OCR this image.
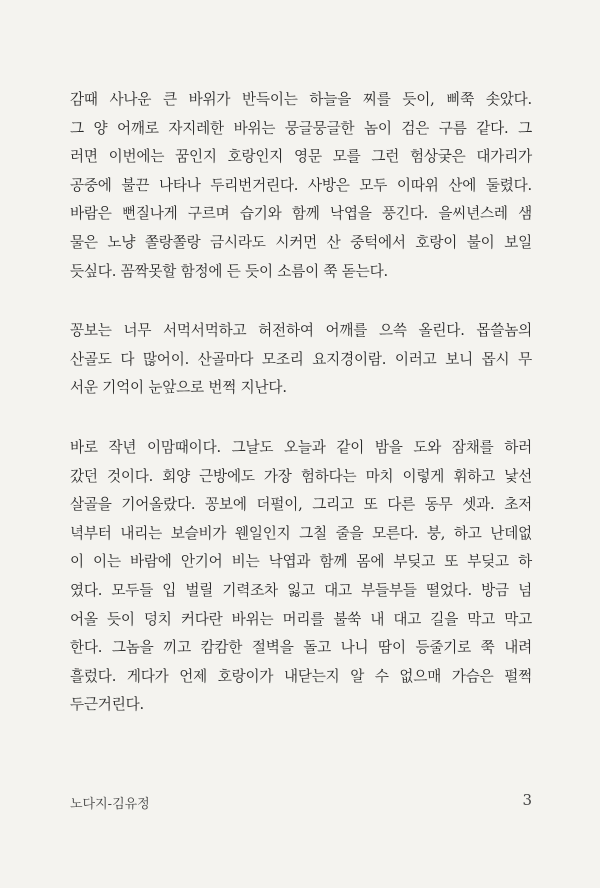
감때 사나운 큰 바위가 반득이는 하늘을 찌를 듯이, 삐쭉 솟았다.
그 양 어깨로 자지레한 바위는 뭉글뭉글한 놈이 검은 구름 같다. 그
러면 이번에는 꿈인지 호랑인지 영문 모를 그런 험상궂은 대가리가
공중에 불끈 나타나 두리번거린다. 사방은 모두 이따위 산에 둘렸다.
바람은 뻔질나게 구르며 습기와 함께 낙엽을 풍긴다. 을씨년스레 샘
물은 노냥 쫄랑쫄랑 금시라도 시커먼 산 중턱에서 호랑이 불이 보일
듯싶다. 꼼짝못할 함정에 든 듯이 소름이 쭉 돋는다.
꽁보는 너무 서먹서먹하고 허전하여 어깨를 으쓱 올린다. 몹쓸놈의
산골도 다 많어이. 산골마다 모조리 요지경이람. 이러고 보니 몹시 무
서운 기억이 눈앞으로 번쩍 지난다.
바로 작년 이맘때이다. 그날도 오늘과 같이 밤을 도와 잠채를 하러
갔던 것이다. 회양 근방에도 가장 험하다는 마치 이렇게 휘하고 낯선
살골을 기어올랐다. 꽁보에 더펄이, 그리고 또 다른 동무 셋과. 초저
녁부터 내리는 보슬비가 웬일인지 그칠 줄을 모른다. 붕, 하고 난데없
이 이는 바람에 안기어 비는 낙엽과 함께 몸에 부딪고 또 부딪고 하
였다. 모두들 입 벌릴 기력조차 잃고 대고 부들부들 떨었다. 방금 넘
어올 듯이 덩치 커다란 바위는 머리를 불쑥 내 대고 길을 막고 막고
한다. 그놈을 끼고 캄캄한 절벽을 돌고 나니 땀이 등줄기로 쭉 내려
흘렀다. 게다가 언제 호랑이가 내닫는지 알 수 없으매 가슴은 펄쩍
두근거린다.
노다지-김유정	3
